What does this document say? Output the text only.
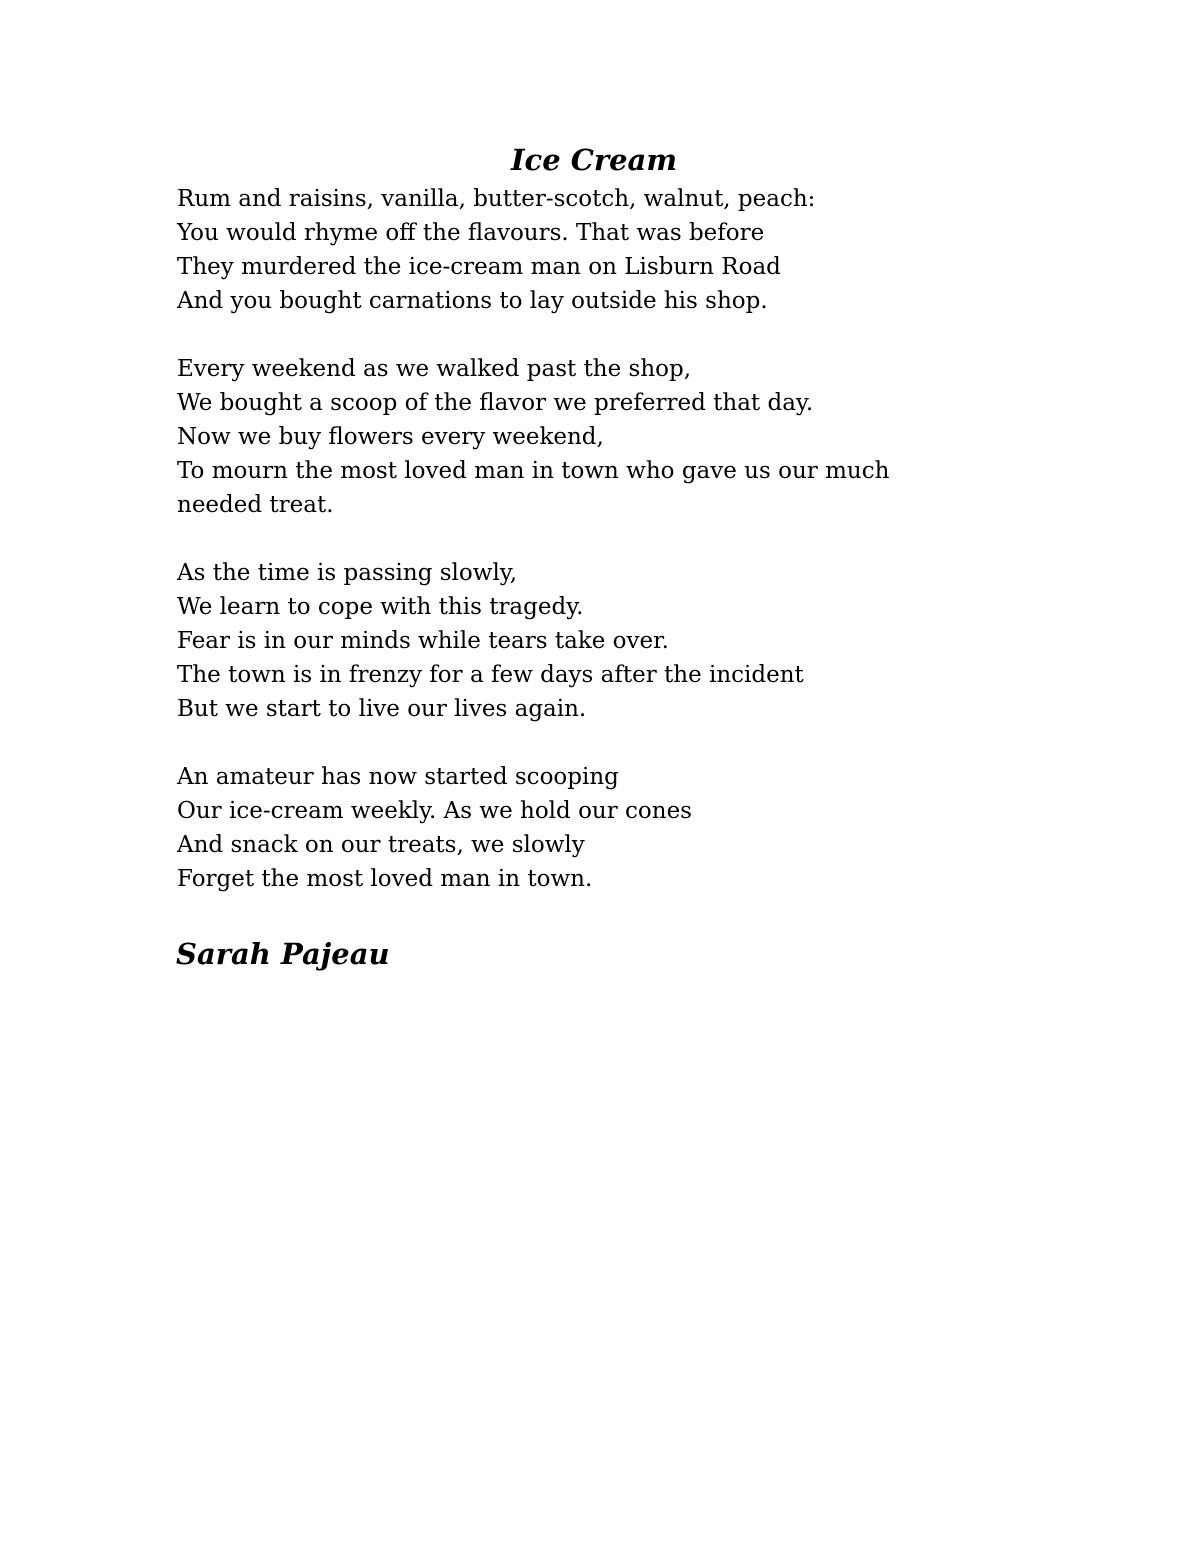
Ice Cream
Rum and raisins, vanilla, butter-scotch, walnut, peach:
You would rhyme off the flavours. That was before
They murdered the ice-cream man on Lisburn Road
And you bought carnations to lay outside his shop.
Every weekend as we walked past the shop,
We bought a scoop of the flavor we preferred that day.
Now we buy flowers every weekend,
To mourn the most loved man in town who gave us our much
needed treat.
As the time is passing slowly,
We learn to cope with this tragedy.
Fear is in our minds while tears take over.
The town is in frenzy for a few days after the incident
But we start to live our lives again.
An amateur has now started scooping
Our ice-cream weekly. As we hold our cones
And snack on our treats, we slowly
Forget the most loved man in town.

Sarah Pajeau
